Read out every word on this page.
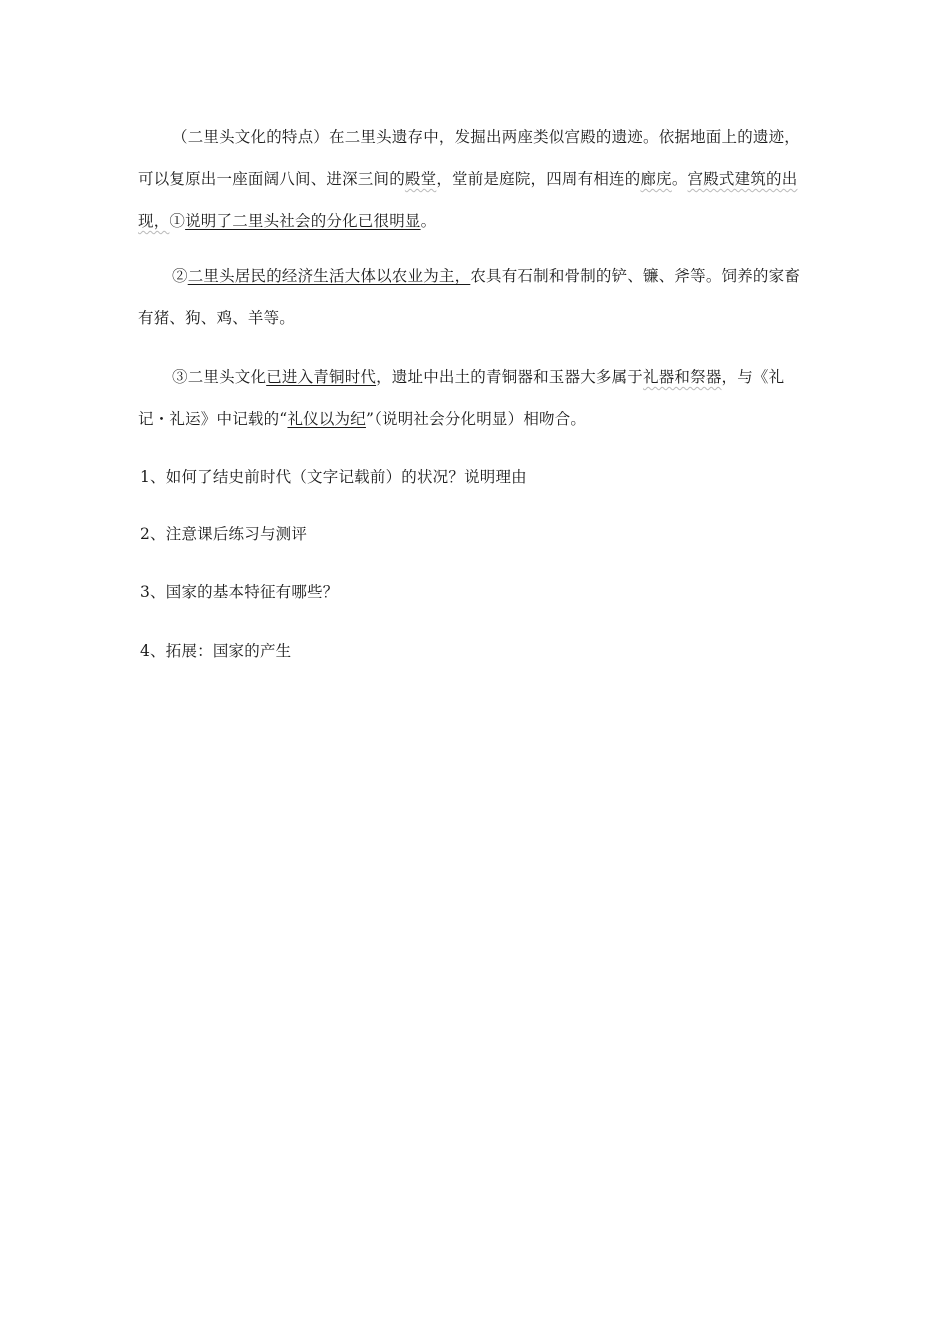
（二里头文化的特点）在二里头遗存中，发掘出两座类似宫殿的遗迹。依据地面上的遗迹，可以复原出一座面阔八间、进深三间的殿堂，堂前是庭院，四周有相连的廊庑。宫殿式建筑的出现，①说明了二里头社会的分化已很明显。
②二里头居民的经济生活大体以农业为主，农具有石制和骨制的铲、镰、斧等。饲养的家畜有猪、狗、鸡、羊等。
③二里头文化已进入青铜时代，遗址中出土的青铜器和玉器大多属于礼器和祭器，与《礼记・礼运》中记载的“礼仪以为纪”（说明社会分化明显）相吻合。
1、如何了结史前时代（文字记载前）的状况？说明理由
2、注意课后练习与测评
3、国家的基本特征有哪些？
4、拓展：国家的产生
